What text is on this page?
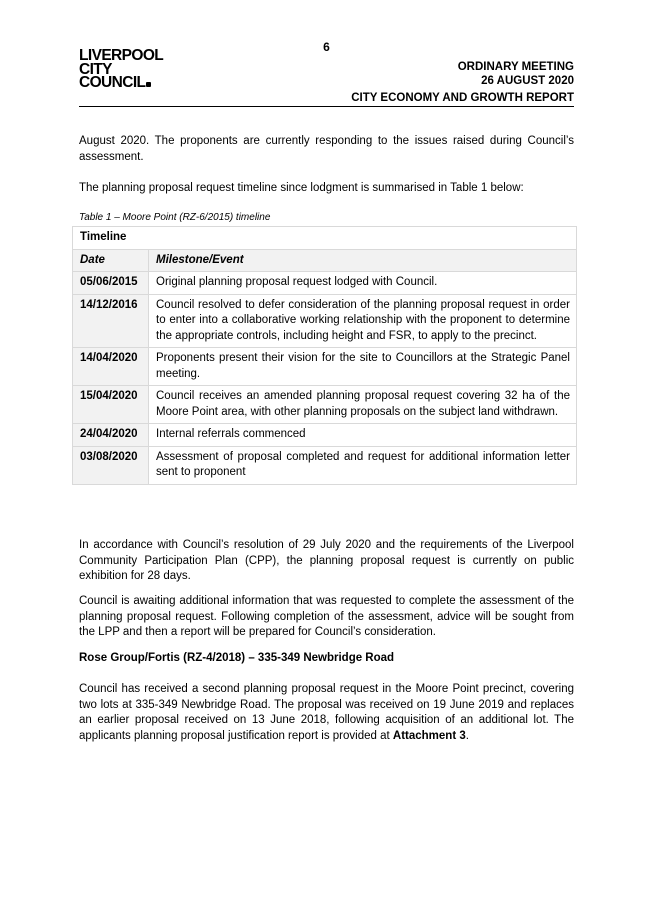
6
LIVERPOOL
CITY
COUNCIL
ORDINARY MEETING
26 AUGUST 2020
CITY ECONOMY AND GROWTH REPORT
August 2020. The proponents are currently responding to the issues raised during Council’s assessment.
The planning proposal request timeline since lodgment is summarised in Table 1 below:
Table 1 – Moore Point (RZ-6/2015) timeline
Timeline	
Date	Milestone/Event
05/06/2015	Original planning proposal request lodged with Council.
14/12/2016	Council resolved to defer consideration of the planning proposal request in order to enter into a collaborative working relationship with the proponent to determine the appropriate controls, including height and FSR, to apply to the precinct.
14/04/2020	Proponents present their vision for the site to Councillors at the Strategic Panel meeting.
15/04/2020	Council receives an amended planning proposal request covering 32 ha of the Moore Point area, with other planning proposals on the subject land withdrawn.
24/04/2020	Internal referrals commenced
03/08/2020	Assessment of proposal completed and request for additional information letter sent to proponent
In accordance with Council’s resolution of 29 July 2020 and the requirements of the Liverpool Community Participation Plan (CPP), the planning proposal request is currently on public exhibition for 28 days.
Council is awaiting additional information that was requested to complete the assessment of the planning proposal request. Following completion of the assessment, advice will be sought from the LPP and then a report will be prepared for Council’s consideration.
Rose Group/Fortis (RZ-4/2018) – 335-349 Newbridge Road
Council has received a second planning proposal request in the Moore Point precinct, covering two lots at 335-349 Newbridge Road. The proposal was received on 19 June 2019 and replaces an earlier proposal received on 13 June 2018, following acquisition of an additional lot. The applicants planning proposal justification report is provided at Attachment 3.
